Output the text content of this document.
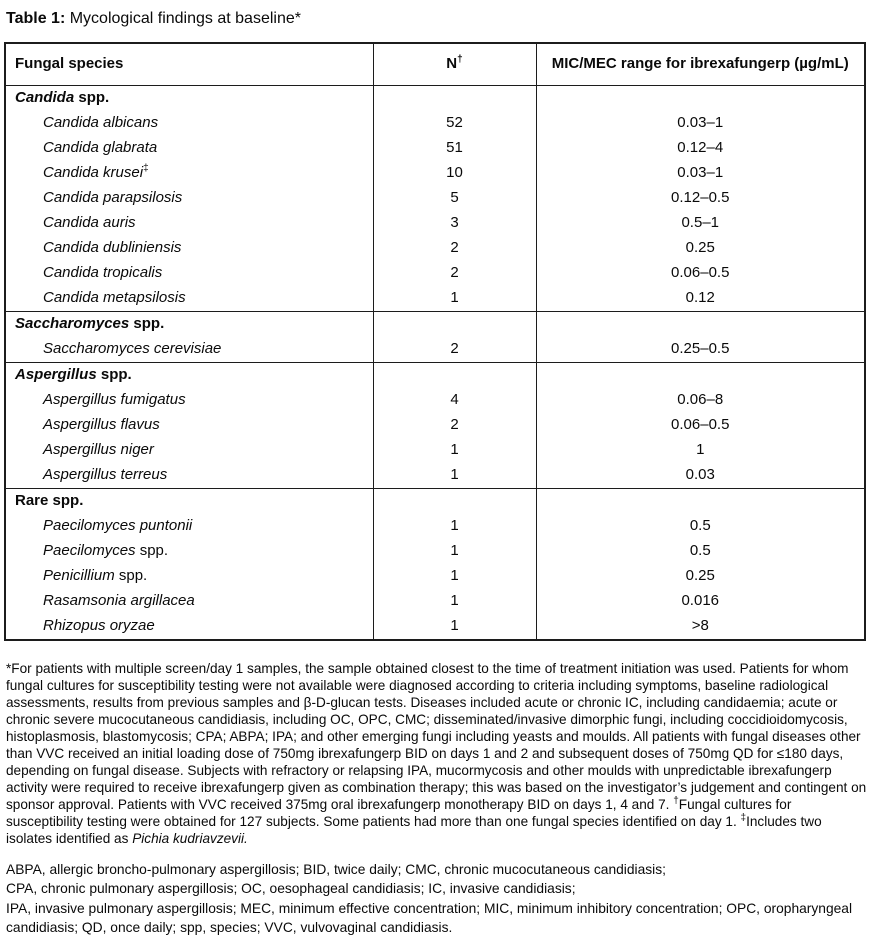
Table 1: Mycological findings at baseline*

Fungal species	N†	MIC/MEC range for ibrexafungerp (µg/mL)
Candida spp.		
Candida albicans	52	0.03–1
Candida glabrata	51	0.12–4
Candida krusei‡	10	0.03–1
Candida parapsilosis	5	0.12–0.5
Candida auris	3	0.5–1
Candida dubliniensis	2	0.25
Candida tropicalis	2	0.06–0.5
Candida metapsilosis	1	0.12
Saccharomyces spp.		
Saccharomyces cerevisiae	2	0.25–0.5
Aspergillus spp.		
Aspergillus fumigatus	4	0.06–8
Aspergillus flavus	2	0.06–0.5
Aspergillus niger	1	1
Aspergillus terreus	1	0.03
Rare spp.		
Paecilomyces puntonii	1	0.5
Paecilomyces spp.	1	0.5
Penicillium spp.	1	0.25
Rasamsonia argillacea	1	0.016
Rhizopus oryzae	1	>8

*For patients with multiple screen/day 1 samples, the sample obtained closest to the time of treatment initiation was used. Patients for whom fungal cultures for susceptibility testing were not available were diagnosed according to criteria including symptoms, baseline radiological assessments, results from previous samples and β-D-glucan tests. Diseases included acute or chronic IC, including candidaemia; acute or chronic severe mucocutaneous candidiasis, including OC, OPC, CMC; disseminated/invasive dimorphic fungi, including coccidioidomycosis, histoplasmosis, blastomycosis; CPA; ABPA; IPA; and other emerging fungi including yeasts and moulds. All patients with fungal diseases other than VVC received an initial loading dose of 750mg ibrexafungerp BID on days 1 and 2 and subsequent doses of 750mg QD for ≤180 days, depending on fungal disease. Subjects with refractory or relapsing IPA, mucormycosis and other moulds with unpredictable ibrexafungerp activity were required to receive ibrexafungerp given as combination therapy; this was based on the investigator’s judgement and contingent on sponsor approval. Patients with VVC received 375mg oral ibrexafungerp monotherapy BID on days 1, 4 and 7. †Fungal cultures for susceptibility testing were obtained for 127 subjects. Some patients had more than one fungal species identified on day 1. ‡Includes two isolates identified as Pichia kudriavzevii.

ABPA, allergic broncho-pulmonary aspergillosis; BID, twice daily; CMC, chronic mucocutaneous candidiasis;
CPA, chronic pulmonary aspergillosis; OC, oesophageal candidiasis; IC, invasive candidiasis;
IPA, invasive pulmonary aspergillosis; MEC, minimum effective concentration; MIC, minimum inhibitory concentration; OPC, oropharyngeal candidiasis; QD, once daily; spp, species; VVC, vulvovaginal candidiasis.
